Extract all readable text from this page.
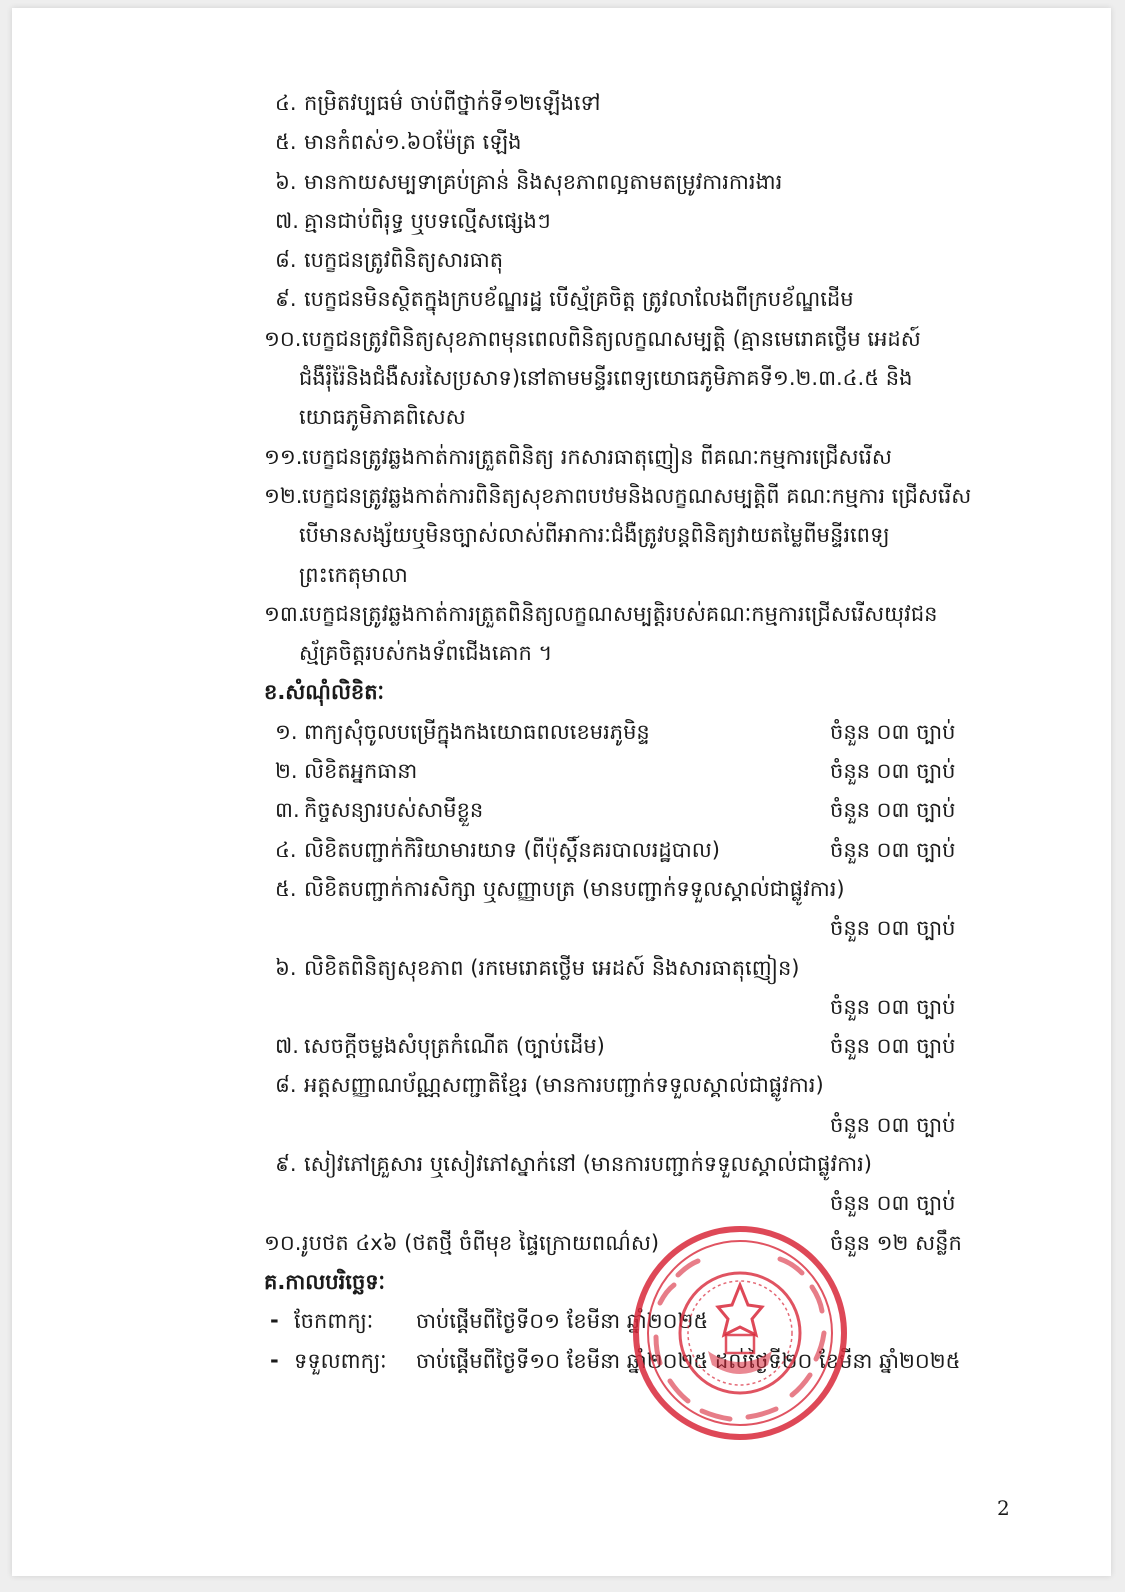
៤. កម្រិតវប្បធម៌ ចាប់ពីថ្នាក់ទី១២ឡើងទៅ
៥. មានកំពស់១.៦០ម៉ែត្រ ឡើង
៦. មានកាយសម្បទាគ្រប់គ្រាន់ និងសុខភាពល្អតាមតម្រូវការការងារ
៧. គ្មានជាប់ពិរុទ្ធ ឬបទល្មើសផ្សេងៗ
៨. បេក្ខជនត្រូវពិនិត្យសារធាតុ
៩. បេក្ខជនមិនស្ថិតក្នុងក្របខ័ណ្ឌរដ្ឋ បើស្ម័គ្រចិត្ត ត្រូវលាលែងពីក្របខ័ណ្ឌដើម
១០. បេក្ខជនត្រូវពិនិត្យសុខភាពមុនពេលពិនិត្យលក្ខណសម្បត្តិ (គ្មានមេរោគថ្លើម អេដស៍
ជំងឺរុំរ៉ៃនិងជំងឺសរសៃប្រសាទ)នៅតាមមន្ទីរពេទ្យយោធភូមិភាគទី១.២.៣.៤.៥ និង
យោធភូមិភាគពិសេស
១១. បេក្ខជនត្រូវឆ្លងកាត់ការត្រួតពិនិត្យ រកសារធាតុញៀន ពីគណៈកម្មការជ្រើសរើស
១២. បេក្ខជនត្រូវឆ្លងកាត់ការពិនិត្យសុខភាពបឋមនិងលក្ខណសម្បត្តិពី គណៈកម្មការ ជ្រើសរើស
បើមានសង្ស័យឬមិនច្បាស់លាស់ពីអាការៈជំងឺត្រូវបន្តពិនិត្យវាយតម្លៃពីមន្ទីរពេទ្យ
ព្រះកេតុមាលា
១៣.
បេក្ខជនត្រូវឆ្លងកាត់ការត្រួតពិនិត្យលក្ខណសម្បត្តិរបស់គណៈកម្មការជ្រើសរើសយុវជន
ស្ម័គ្រចិត្តរបស់កងទ័ពជើងគោក ។
ខ.សំណុំលិខិតៈ
១. ពាក្យសុំចូលបម្រើក្នុងកងយោធពលខេមរភូមិន្ទ	ចំនួន ០៣ ច្បាប់
២. លិខិតអ្នកធានា	ចំនួន ០៣ ច្បាប់
៣. កិច្ចសន្យារបស់សាមីខ្លួន	ចំនួន ០៣ ច្បាប់
៤. លិខិតបញ្ជាក់កិរិយាមារយាទ (ពីប៉ុស្តិ៍នគរបាលរដ្ឋបាល)	ចំនួន ០៣ ច្បាប់
៥. លិខិតបញ្ជាក់ការសិក្សា ឬសញ្ញាបត្រ (មានបញ្ជាក់ទទួលស្គាល់ជាផ្លូវការ)
ចំនួន ០៣ ច្បាប់
៦. លិខិតពិនិត្យសុខភាព (រកមេរោគថ្លើម អេដស៍ និងសារធាតុញៀន)
ចំនួន ០៣ ច្បាប់
៧. សេចក្តីចម្លងសំបុត្រកំណើត (ច្បាប់ដើម)	ចំនួន ០៣ ច្បាប់
៨. អត្តសញ្ញាណប័ណ្ណសញ្ជាតិខ្មែរ (មានការបញ្ជាក់ទទួលស្គាល់ជាផ្លូវការ)
ចំនួន ០៣ ច្បាប់
៩. សៀវភៅគ្រួសារ ឬសៀវភៅស្នាក់នៅ (មានការបញ្ជាក់ទទួលស្គាល់ជាផ្លូវការ)
ចំនួន ០៣ ច្បាប់
១០. រូបថត ៤x៦ (ថតថ្មី ចំពីមុខ ផ្ទៃក្រោយពណ៌ស)	ចំនួន ១២ សន្លឹក
គ.កាលបរិច្ឆេទៈ
- ចែកពាក្យៈ ចាប់ផ្តើមពីថ្ងៃទី០១ ខែមីនា ឆ្នាំ២០២៥
- ទទួលពាក្យៈ ចាប់ផ្តើមពីថ្ងៃទី១០ ខែមីនា ឆ្នាំ២០២៥ ដល់ថ្ងៃទី២០ ខែមីនា ឆ្នាំ២០២៥
2
